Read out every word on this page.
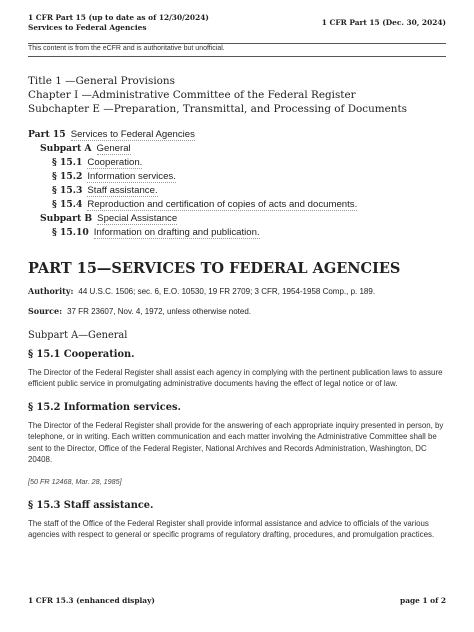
1 CFR Part 15 (up to date as of 12/30/2024)
Services to Federal Agencies
1 CFR Part 15 (Dec. 30, 2024)
This content is from the eCFR and is authoritative but unofficial.
Title 1 —General Provisions
Chapter I —Administrative Committee of the Federal Register
Subchapter E —Preparation, Transmittal, and Processing of Documents
Part 15 Services to Federal Agencies
Subpart A General
§ 15.1 Cooperation.
§ 15.2 Information services.
§ 15.3 Staff assistance.
§ 15.4 Reproduction and certification of copies of acts and documents.
Subpart B Special Assistance
§ 15.10 Information on drafting and publication.
PART 15—SERVICES TO FEDERAL AGENCIES
Authority: 44 U.S.C. 1506; sec. 6, E.O. 10530, 19 FR 2709; 3 CFR, 1954-1958 Comp., p. 189.
Source: 37 FR 23607, Nov. 4, 1972, unless otherwise noted.
Subpart A—General
§ 15.1 Cooperation.
The Director of the Federal Register shall assist each agency in complying with the pertinent publication laws to assure efficient public service in promulgating administrative documents having the effect of legal notice or of law.
§ 15.2 Information services.
The Director of the Federal Register shall provide for the answering of each appropriate inquiry presented in person, by telephone, or in writing. Each written communication and each matter involving the Administrative Committee shall be sent to the Director, Office of the Federal Register, National Archives and Records Administration, Washington, DC 20408.
[50 FR 12468, Mar. 28, 1985]
§ 15.3 Staff assistance.
The staff of the Office of the Federal Register shall provide informal assistance and advice to officials of the various agencies with respect to general or specific programs of regulatory drafting, procedures, and promulgation practices.
1 CFR 15.3 (enhanced display)	page 1 of 2
